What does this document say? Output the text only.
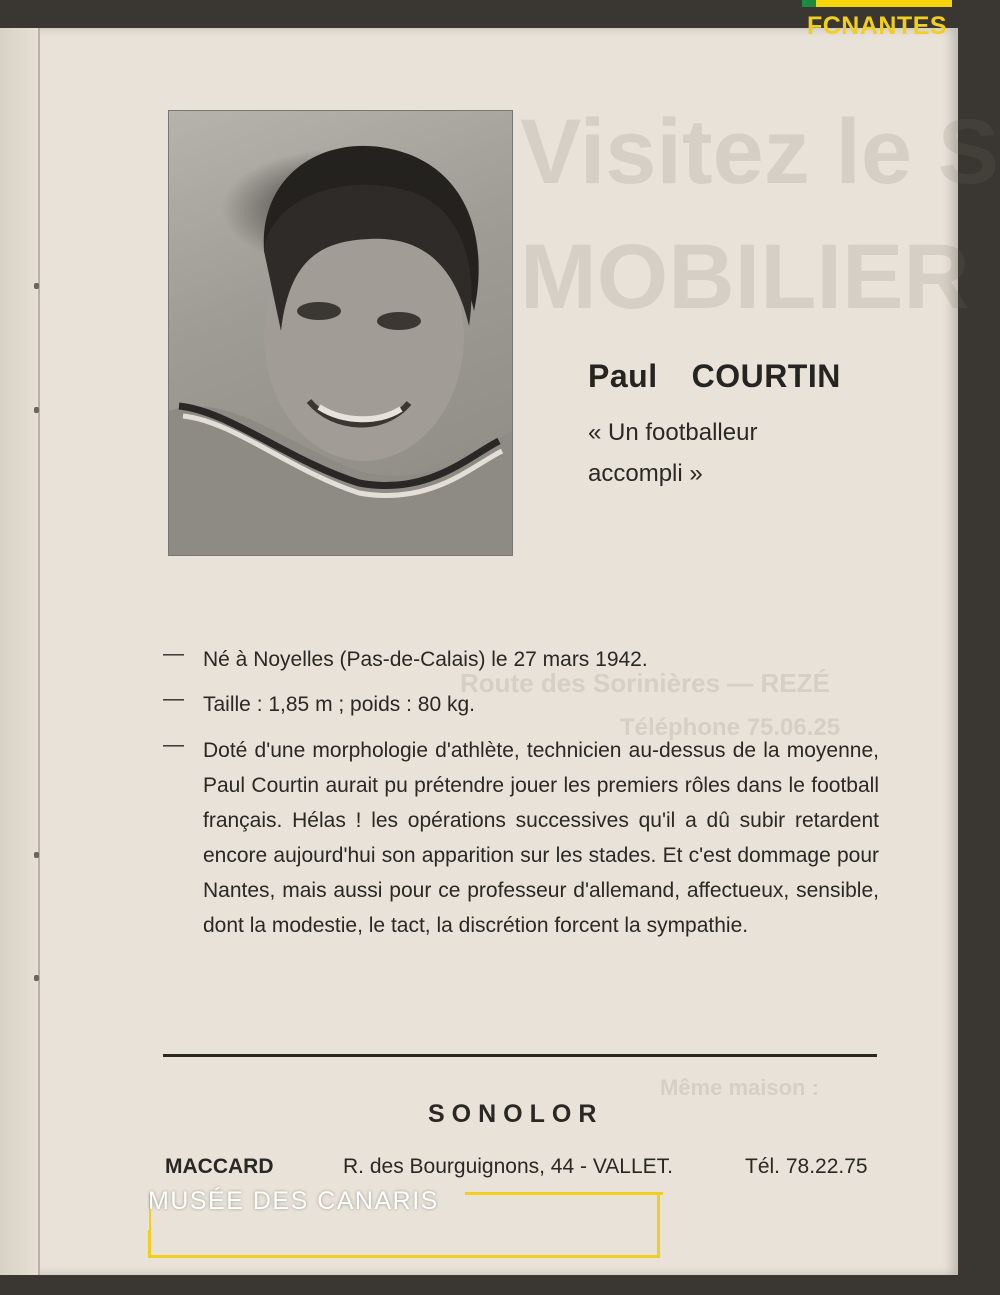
Visitez le S
MOBILIER
Route des Sorinières — REZÉ
Téléphone 75.06.25
Même maison :
FCNANTES
Paul COURTIN
« Un footballeur
accompli »
— Né à Noyelles (Pas-de-Calais) le 27 mars 1942.
— Taille : 1,85 m ; poids : 80 kg.
— Doté d'une morphologie d'athlète, technicien au-dessus de la moyenne, Paul Courtin aurait pu prétendre jouer les premiers rôles dans le football français. Hélas ! les opérations successives qu'il a dû subir retardent encore aujourd'hui son apparition sur les stades. Et c'est dommage pour Nantes, mais aussi pour ce professeur d'allemand, affectueux, sensible, dont la modestie, le tact, la discrétion forcent la sympathie.
SONOLOR
MACCARD	R. des Bourguignons, 44 - VALLET.	Tél. 78.22.75
MUSÉE DES CANARIS
